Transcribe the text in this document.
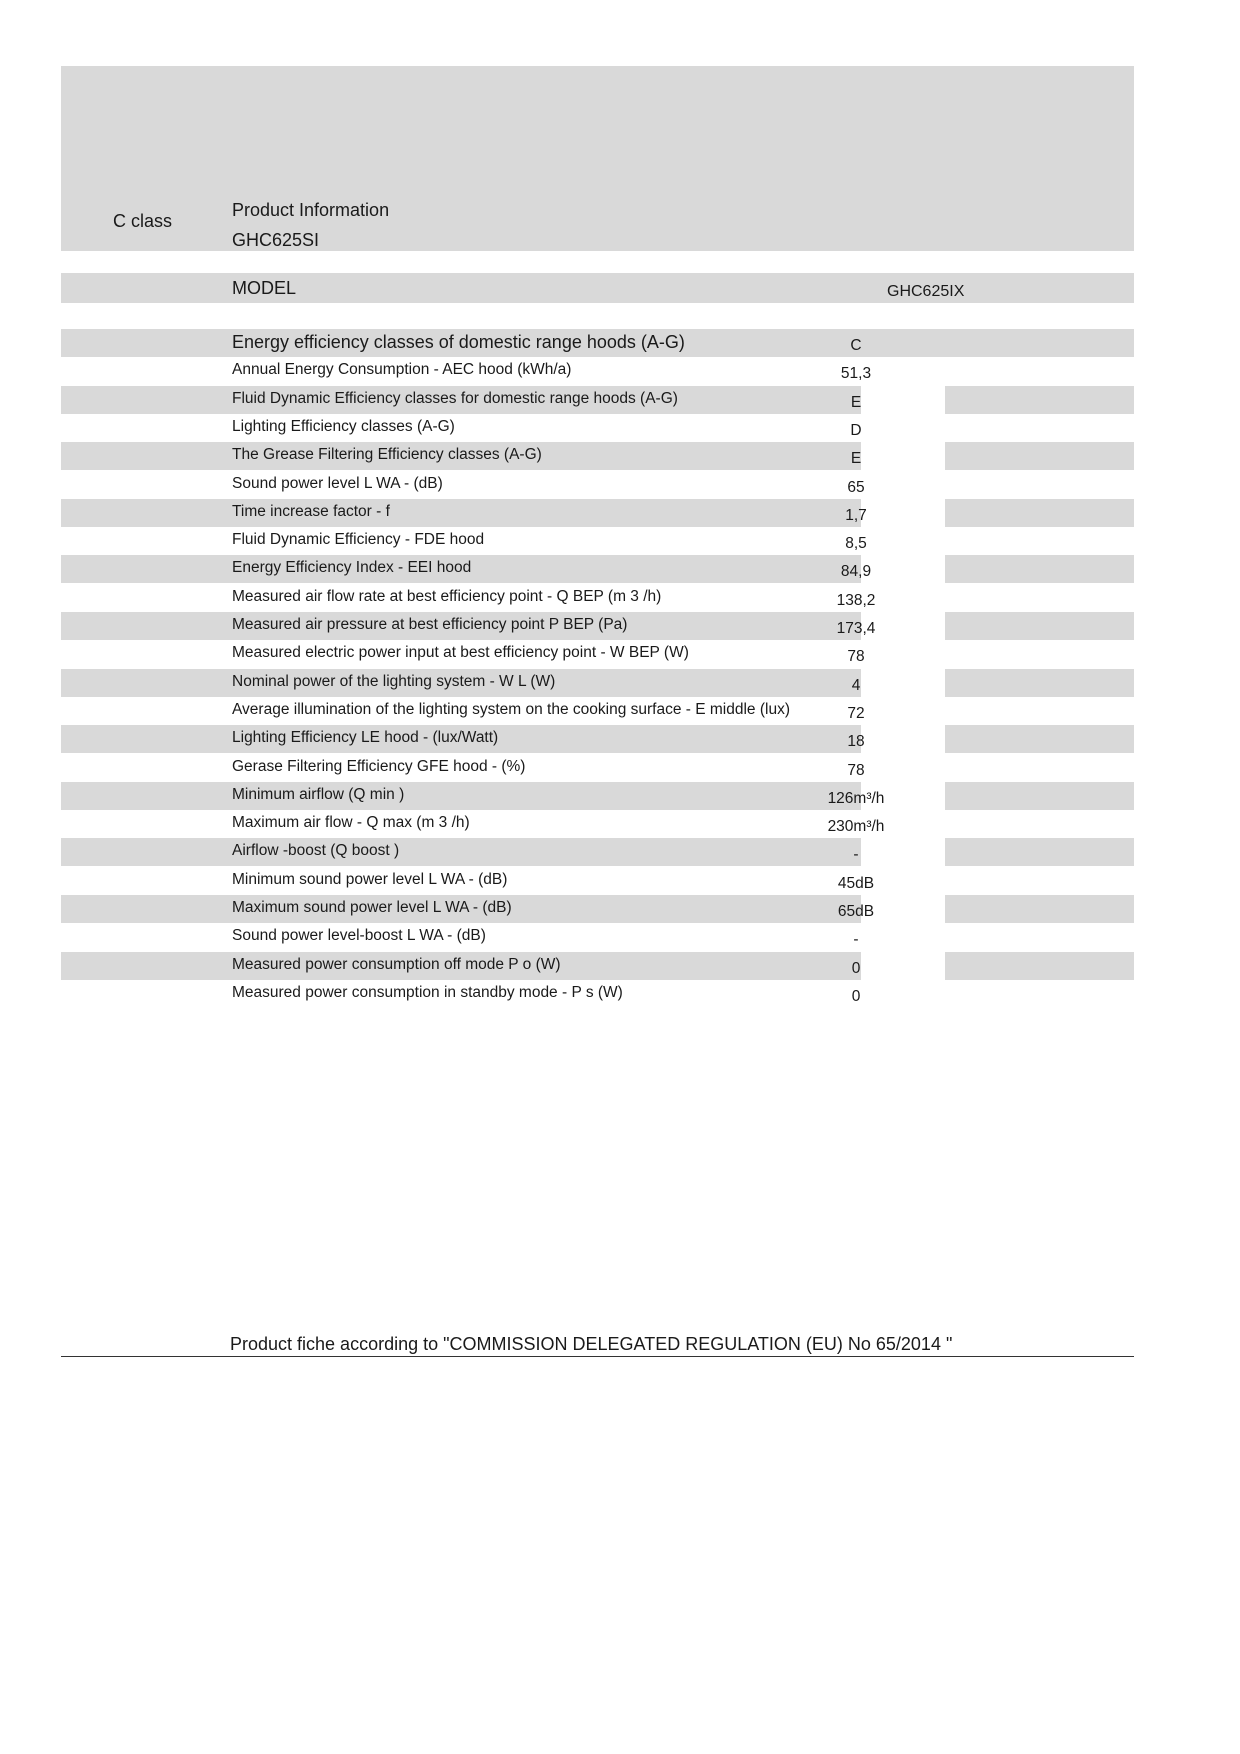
C class
Product Information
GHC625SI
MODEL	GHC625IX
Energy efficiency classes of domestic range hoods (A-G)	C
Annual Energy Consumption - AEC hood (kWh/a)	51,3
Fluid Dynamic Efficiency classes for domestic range hoods (A-G)	E
Lighting Efficiency classes (A-G)	D
The Grease Filtering Efficiency classes (A-G)	E
Sound power level L WA - (dB)	65
Time increase factor - f	1,7
Fluid Dynamic Efficiency - FDE hood	8,5
Energy Efficiency Index - EEI hood	84,9
Measured air flow rate at best efficiency point - Q BEP (m 3 /h)	138,2
Measured air pressure at best efficiency point P BEP (Pa)	173,4
Measured electric power input at best efficiency point - W BEP (W)	78
Nominal power of the lighting system - W L (W)	4
Average illumination of the lighting system on the cooking surface - E middle (lux)	72
Lighting Efficiency LE hood - (lux/Watt)	18
Gerase Filtering Efficiency GFE hood - (%)	78
Minimum airflow (Q min )	126m³/h
Maximum air flow - Q max (m 3 /h)	230m³/h
Airflow -boost (Q boost )	-
Minimum sound power level L WA - (dB)	45dB
Maximum sound power level L WA - (dB)	65dB
Sound power level-boost L WA - (dB)	-
Measured power consumption off mode P o (W)	0
Measured power consumption in standby mode - P s (W)	0
Product fiche according to "COMMISSION DELEGATED REGULATION (EU) No 65/2014 "
